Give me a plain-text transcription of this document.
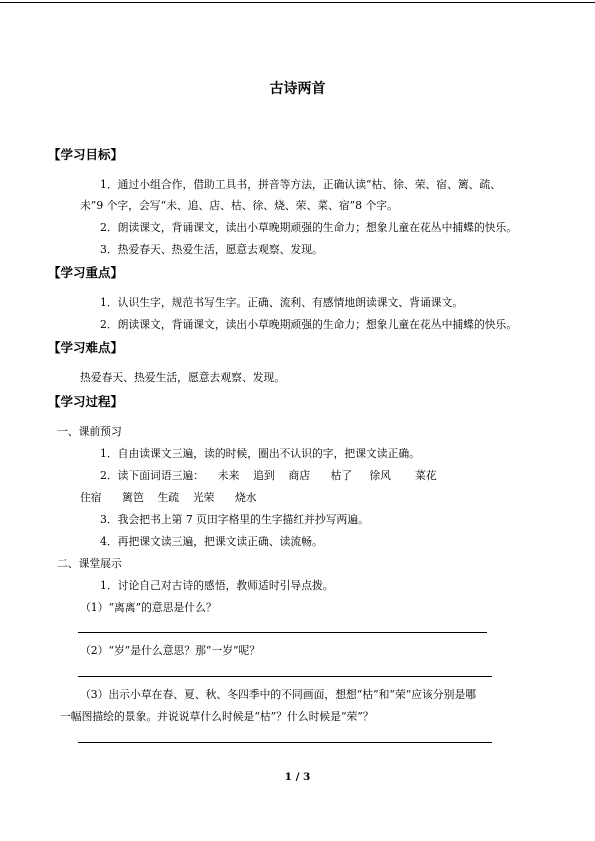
古诗两首
【学习目标】
1．通过小组合作，借助工具书，拼音等方法，正确认读“枯、徐、荣、宿、篱、疏、
未”9 个字，会写“未、追、店、枯、徐、烧、荣、菜、宿”8 个字。
2．朗读课文，背诵课文，读出小草晚期顽强的生命力；想象儿童在花丛中捕蝶的快乐。
3．热爱春天、热爱生活，愿意去观察、发现。
【学习重点】
1．认识生字，规范书写生字。正确、流利、有感情地朗读课文、背诵课文。
2．朗读课文，背诵课文，读出小草晚期顽强的生命力；想象儿童在花丛中捕蝶的快乐。
【学习难点】
热爱春天、热爱生活，愿意去观察、发现。
【学习过程】
一、课前预习
1．自由读课文三遍，读的时候，圈出不认识的字，把课文读正确。
2．读下面词语三遍：    未来    追到    商店      枯了     徐风       菜花
住宿      篱笆    生疏    光荣      烧水
3．我会把书上第 7 页田字格里的生字描红并抄写两遍。
4．再把课文读三遍，把课文读正确、读流畅。
二、课堂展示
1．讨论自己对古诗的感悟，教师适时引导点拨。
（1）“离离”的意思是什么？
（2）“岁”是什么意思？那“一岁”呢？
（3）出示小草在春、夏、秋、冬四季中的不同画面，想想“枯”和“荣”应该分别是哪
一幅图描绘的景象。并说说草什么时候是“枯”？什么时候是“荣”？
1 / 3
